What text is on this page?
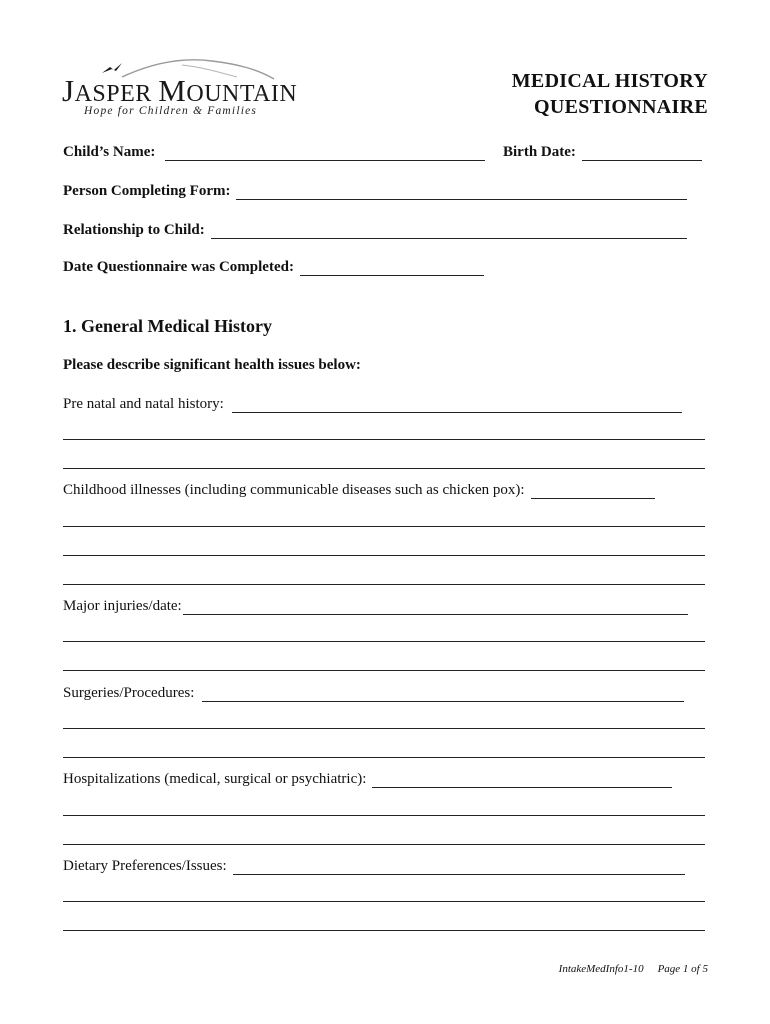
JASPER MOUNTAIN
Hope for Children & Families
MEDICAL HISTORY
QUESTIONNAIRE
Child’s Name:	Birth Date:
Person Completing Form:
Relationship to Child:
Date Questionnaire was Completed:
1. General Medical History
Please describe significant health issues below:
Pre natal and natal history:
Childhood illnesses (including communicable diseases such as chicken pox):
Major injuries/date:
Surgeries/Procedures:
Hospitalizations (medical, surgical or psychiatric):
Dietary Preferences/Issues:
IntakeMedInfo1-10 Page 1 of 5
